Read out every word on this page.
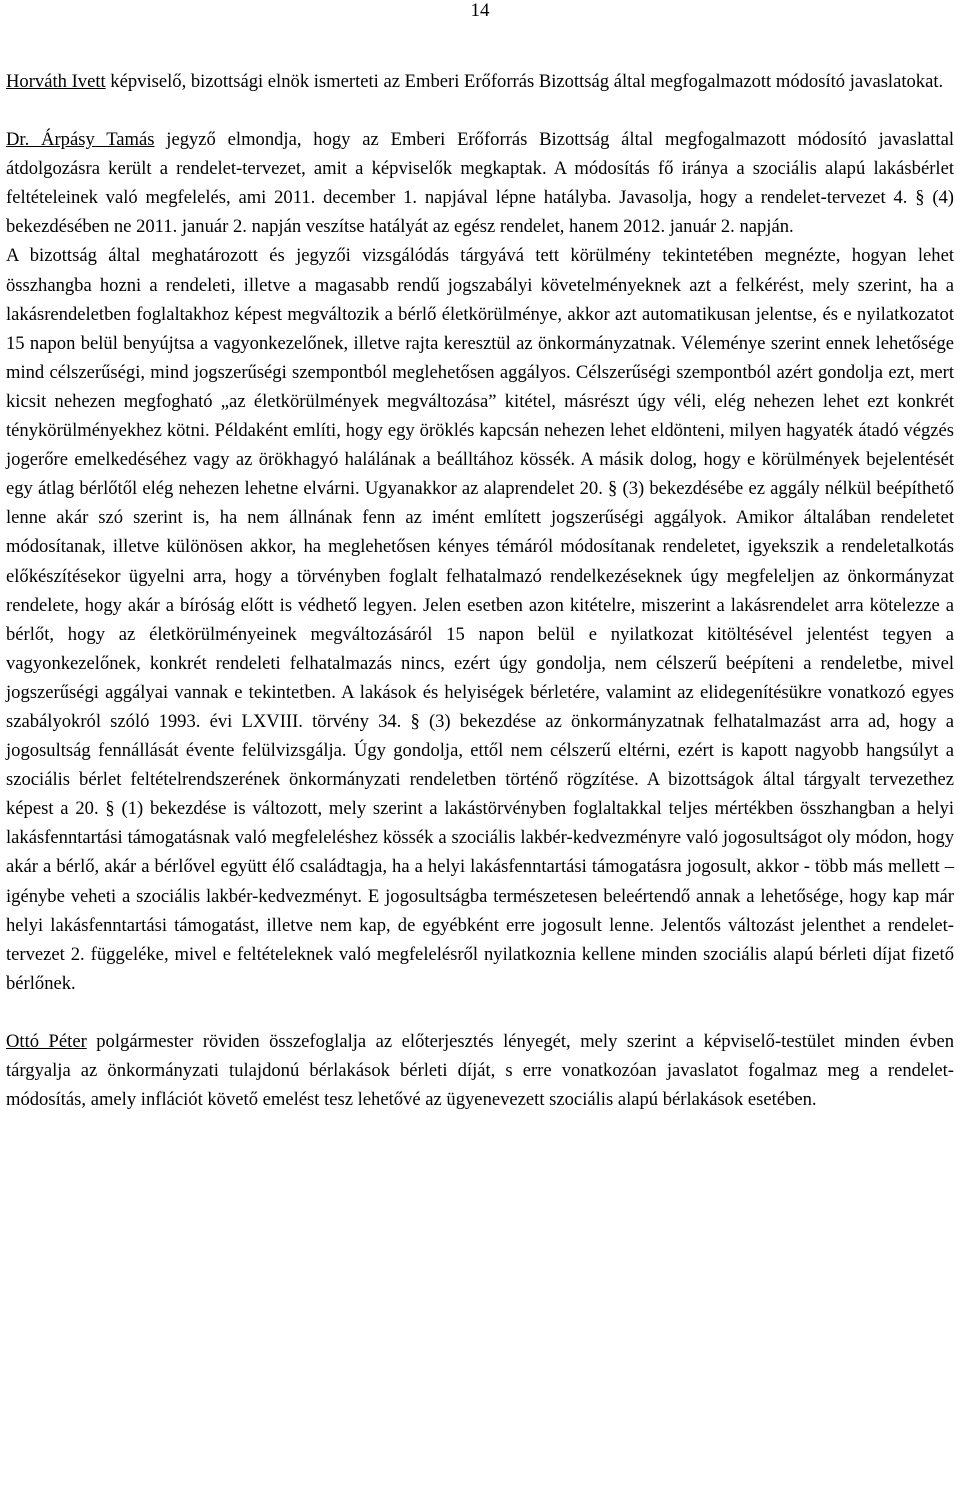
14

Horváth Ivett képviselő, bizottsági elnök ismerteti az Emberi Erőforrás Bizottság által megfogalmazott módosító javaslatokat.

Dr. Árpásy Tamás jegyző elmondja, hogy az Emberi Erőforrás Bizottság által megfogalmazott módosító javaslattal átdolgozásra került a rendelet-tervezet, amit a képviselők megkaptak. A módosítás fő iránya a szociális alapú lakásbérlet feltételeinek való megfelelés, ami 2011. december 1. napjával lépne hatályba. Javasolja, hogy a rendelet-tervezet 4. § (4) bekezdésében ne 2011. január 2. napján veszítse hatályát az egész rendelet, hanem 2012. január 2. napján.

A bizottság által meghatározott és jegyzői vizsgálódás tárgyává tett körülmény tekintetében megnézte, hogyan lehet összhangba hozni a rendeleti, illetve a magasabb rendű jogszabályi követelményeknek azt a felkérést, mely szerint, ha a lakásrendeletben foglaltakhoz képest megváltozik a bérlő életkörülménye, akkor azt automatikusan jelentse, és e nyilatkozatot 15 napon belül benyújtsa a vagyonkezelőnek, illetve rajta keresztül az önkormányzatnak. Véleménye szerint ennek lehetősége mind célszerűségi, mind jogszerűségi szempontból meglehetősen aggályos. Célszerűségi szempontból azért gondolja ezt, mert kicsit nehezen megfogható „az életkörülmények megváltozása” kitétel, másrészt úgy véli, elég nehezen lehet ezt konkrét ténykörülményekhez kötni. Példaként említi, hogy egy öröklés kapcsán nehezen lehet eldönteni, milyen hagyaték átadó végzés jogerőre emelkedéséhez vagy az örökhagyó halálának a beálltához kössék. A másik dolog, hogy e körülmények bejelentését egy átlag bérlőtől elég nehezen lehetne elvárni. Ugyanakkor az alaprendelet 20. § (3) bekezdésébe ez aggály nélkül beépíthető lenne akár szó szerint is, ha nem állnának fenn az imént említett jogszerűségi aggályok. Amikor általában rendeletet módosítanak, illetve különösen akkor, ha meglehetősen kényes témáról módosítanak rendeletet, igyekszik a rendeletalkotás előkészítésekor ügyelni arra, hogy a törvényben foglalt felhatalmazó rendelkezéseknek úgy megfeleljen az önkormányzat rendelete, hogy akár a bíróság előtt is védhető legyen. Jelen esetben azon kitételre, miszerint a lakásrendelet arra kötelezze a bérlőt, hogy az életkörülményeinek megváltozásáról 15 napon belül e nyilatkozat kitöltésével jelentést tegyen a vagyonkezelőnek, konkrét rendeleti felhatalmazás nincs, ezért úgy gondolja, nem célszerű beépíteni a rendeletbe, mivel jogszerűségi aggályai vannak e tekintetben. A lakások és helyiségek bérletére, valamint az elidegenítésükre vonatkozó egyes szabályokról szóló 1993. évi LXVIII. törvény 34. § (3) bekezdése az önkormányzatnak felhatalmazást arra ad, hogy a jogosultság fennállását évente felülvizsgálja. Úgy gondolja, ettől nem célszerű eltérni, ezért is kapott nagyobb hangsúlyt a szociális bérlet feltételrendszerének önkormányzati rendeletben történő rögzítése. A bizottságok által tárgyalt tervezethez képest a 20. § (1) bekezdése is változott, mely szerint a lakástörvényben foglaltakkal teljes mértékben összhangban a helyi lakásfenntartási támogatásnak való megfeleléshez kössék a szociális lakbér-kedvezményre való jogosultságot oly módon, hogy akár a bérlő, akár a bérlővel együtt élő családtagja, ha a helyi lakásfenntartási támogatásra jogosult, akkor - több más mellett – igénybe veheti a szociális lakbér-kedvezményt. E jogosultságba természetesen beleértendő annak a lehetősége, hogy kap már helyi lakásfenntartási támogatást, illetve nem kap, de egyébként erre jogosult lenne. Jelentős változást jelenthet a rendelet-tervezet 2. függeléke, mivel e feltételeknek való megfelelésről nyilatkoznia kellene minden szociális alapú bérleti díjat fizető bérlőnek.

Ottó Péter polgármester röviden összefoglalja az előterjesztés lényegét, mely szerint a képviselő-testület minden évben tárgyalja az önkormányzati tulajdonú bérlakások bérleti díját, s erre vonatkozóan javaslatot fogalmaz meg a rendelet-módosítás, amely inflációt követő emelést tesz lehetővé az ügyenevezett szociális alapú bérlakások esetében.
